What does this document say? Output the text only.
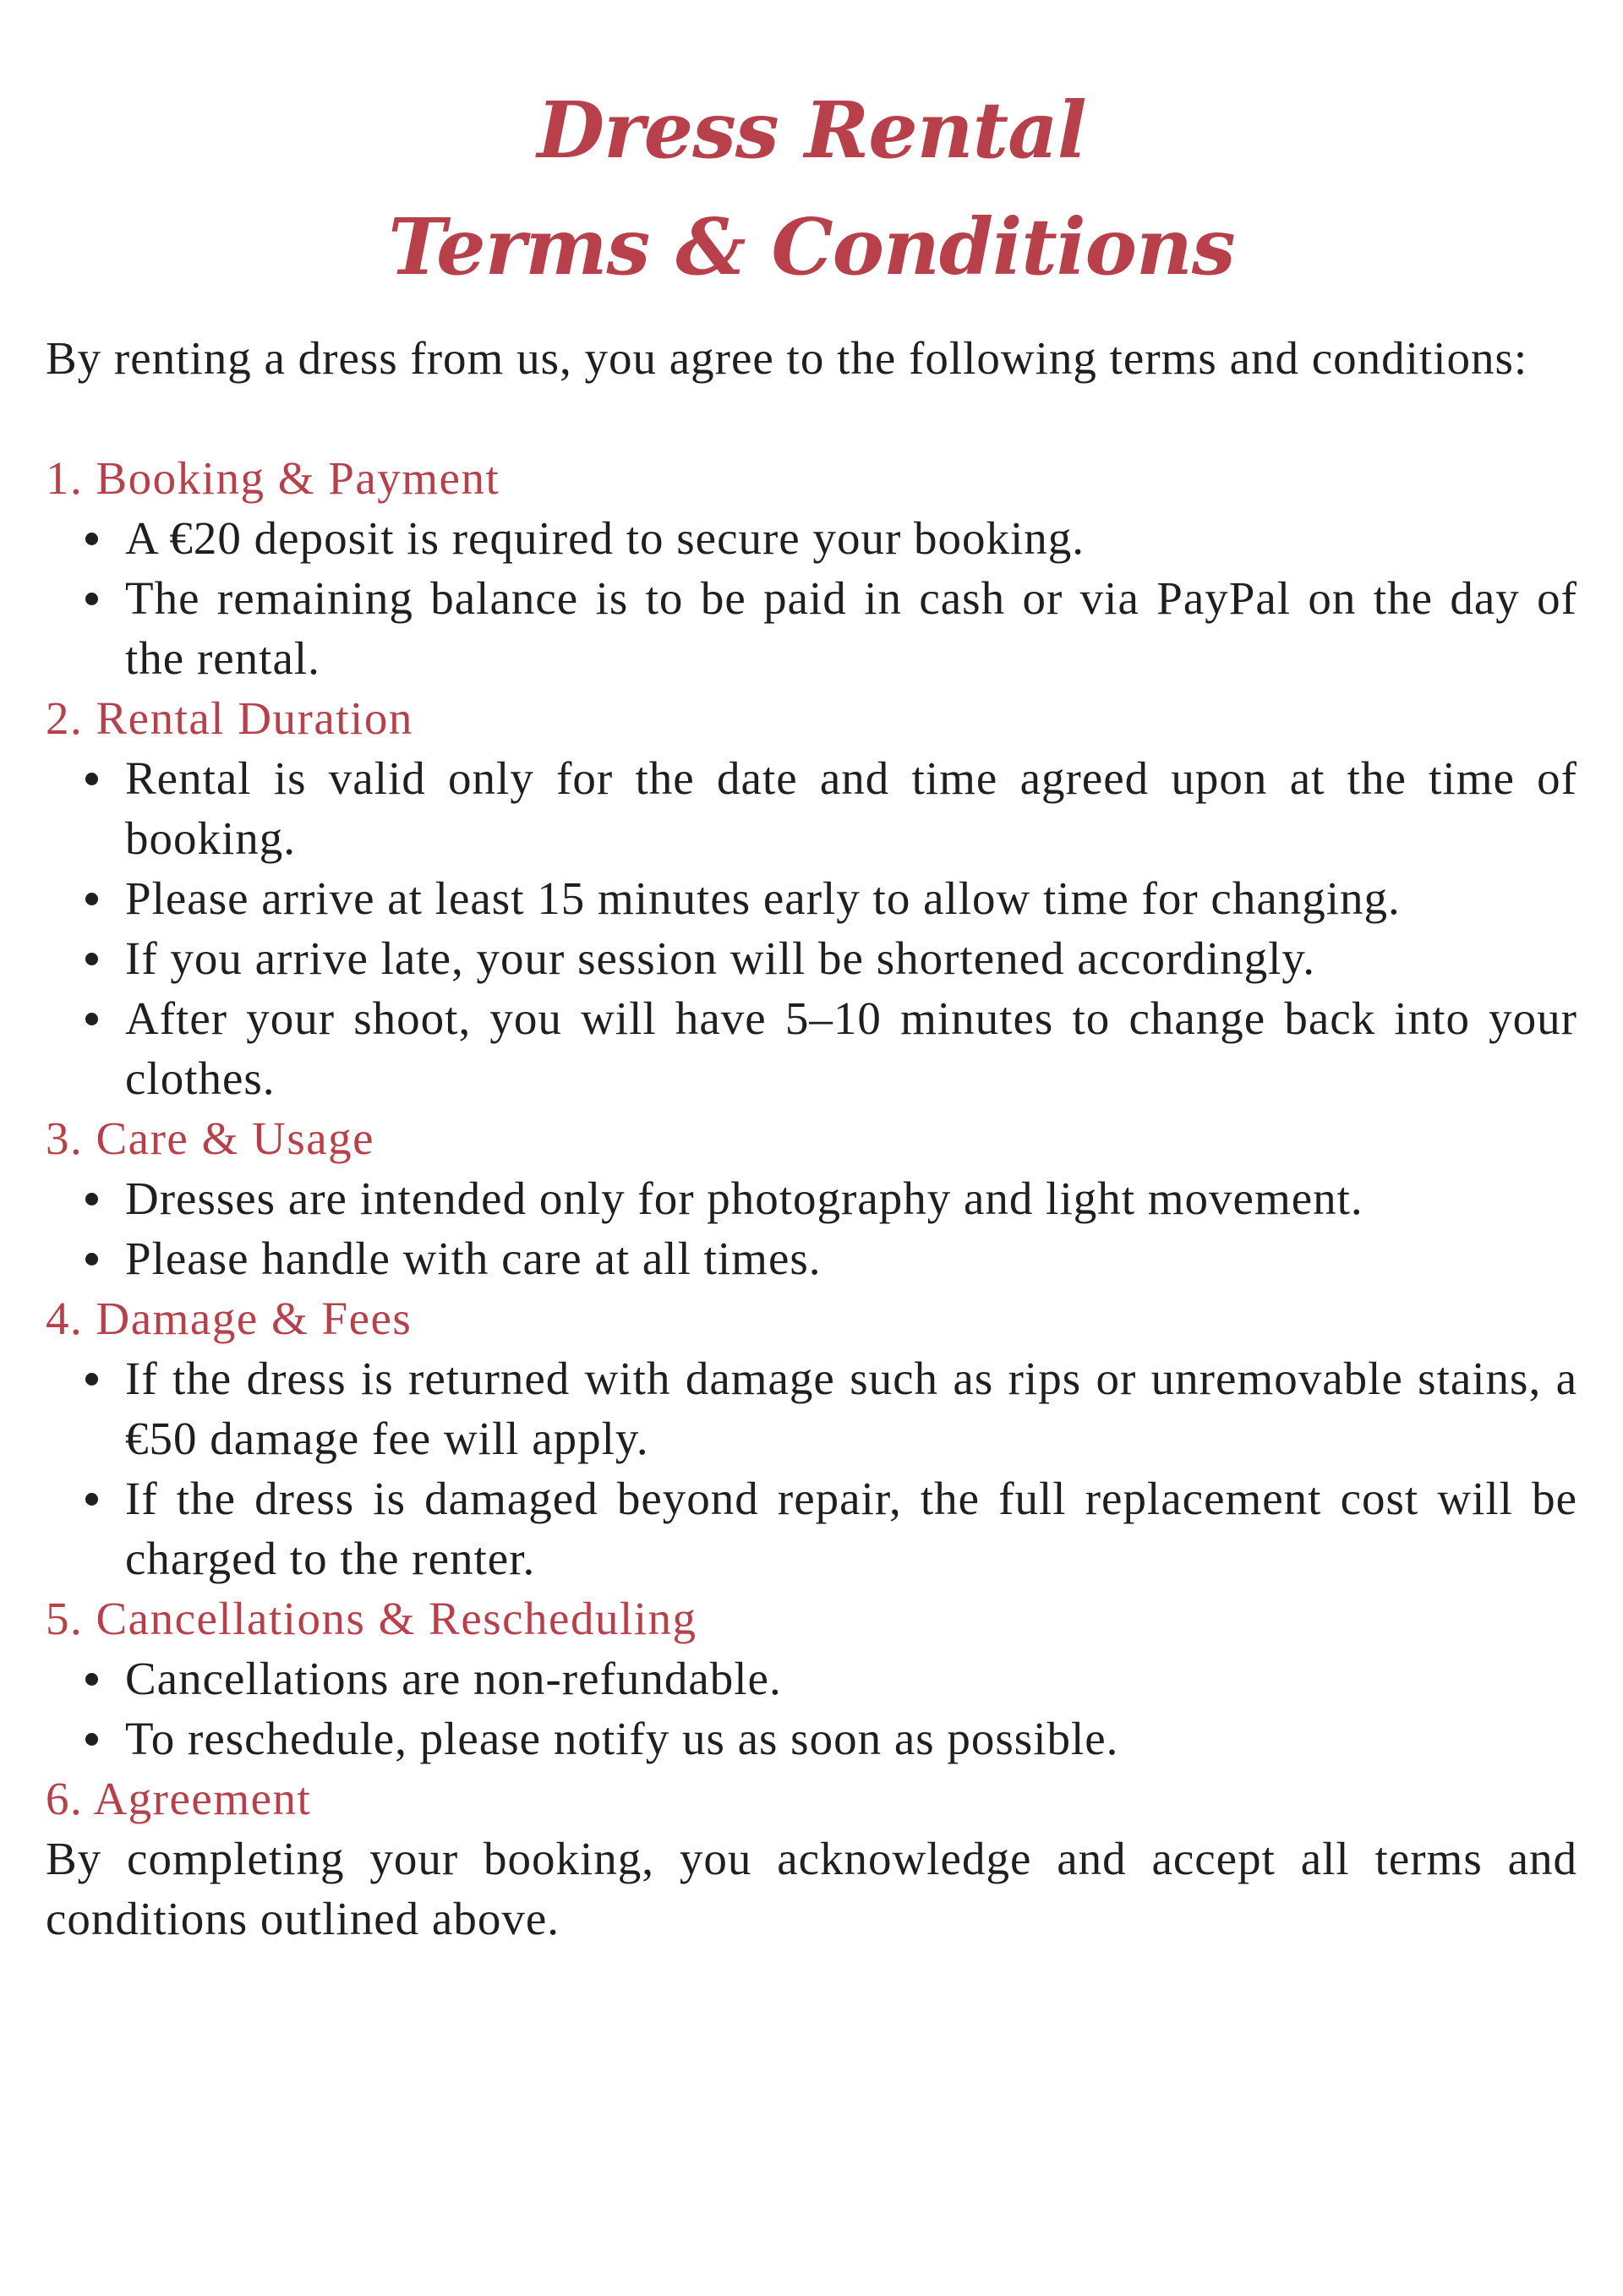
Dress Rental
Terms & Conditions

By renting a dress from us, you agree to the following terms and conditions:

1. Booking & Payment

A €20 deposit is required to secure your booking.
The remaining balance is to be paid in cash or via PayPal on the day of the rental.

2. Rental Duration

Rental is valid only for the date and time agreed upon at the time of booking.
Please arrive at least 15 minutes early to allow time for changing.
If you arrive late, your session will be shortened accordingly.
After your shoot, you will have 5–10 minutes to change back into your clothes.

3. Care & Usage

Dresses are intended only for photography and light movement.
Please handle with care at all times.

4. Damage & Fees

If the dress is returned with damage such as rips or unremovable stains, a €50 damage fee will apply.
If the dress is damaged beyond repair, the full replacement cost will be charged to the renter.

5. Cancellations & Rescheduling

Cancellations are non-refundable.
To reschedule, please notify us as soon as possible.

6. Agreement

By completing your booking, you acknowledge and accept all terms and conditions outlined above.
